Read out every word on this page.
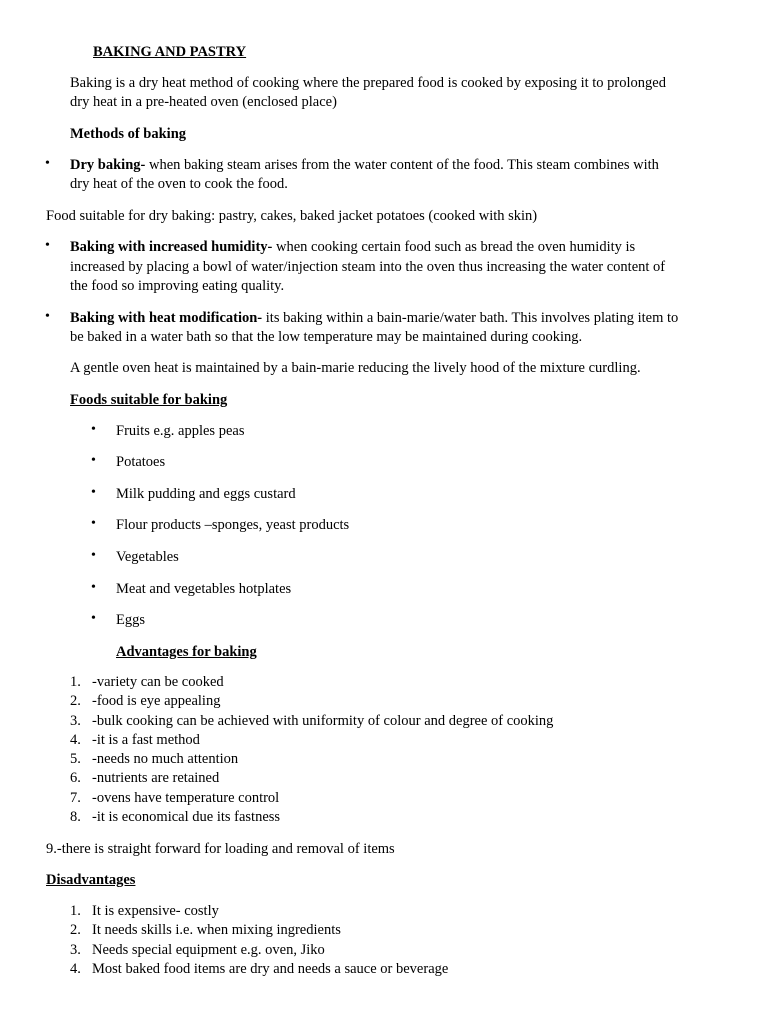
BAKING AND PASTRY
Baking is a dry heat method of cooking where the prepared food is cooked by exposing it to prolonged
dry heat in a pre-heated oven (enclosed place)
Methods of baking
• Dry baking- when baking steam arises from the water content of the food. This steam combines with
dry heat of the oven to cook the food.
Food suitable for dry baking: pastry, cakes, baked jacket potatoes (cooked with skin)
• Baking with increased humidity- when cooking certain food such as bread the oven humidity is
increased by placing a bowl of water/injection steam into the oven thus increasing the water content of
the food so improving eating quality.
• Baking with heat modification- its baking within a bain-marie/water bath. This involves plating item to
be baked in a water bath so that the low temperature may be maintained during cooking.
A gentle oven heat is maintained by a bain-marie reducing the lively hood of the mixture curdling.
Foods suitable for baking
• Fruits e.g. apples peas
• Potatoes
• Milk pudding and eggs custard
• Flour products –sponges, yeast products
• Vegetables
• Meat and vegetables hotplates
• Eggs
Advantages for baking
1. -variety can be cooked
2. -food is eye appealing
3. -bulk cooking can be achieved with uniformity of colour and degree of cooking
4. -it is a fast method
5. -needs no much attention
6. -nutrients are retained
7. -ovens have temperature control
8. -it is economical due its fastness
9.-there is straight forward for loading and removal of items
Disadvantages
1. It is expensive- costly
2. It needs skills i.e. when mixing ingredients
3. Needs special equipment e.g. oven, Jiko
4. Most baked food items are dry and needs a sauce or beverage
